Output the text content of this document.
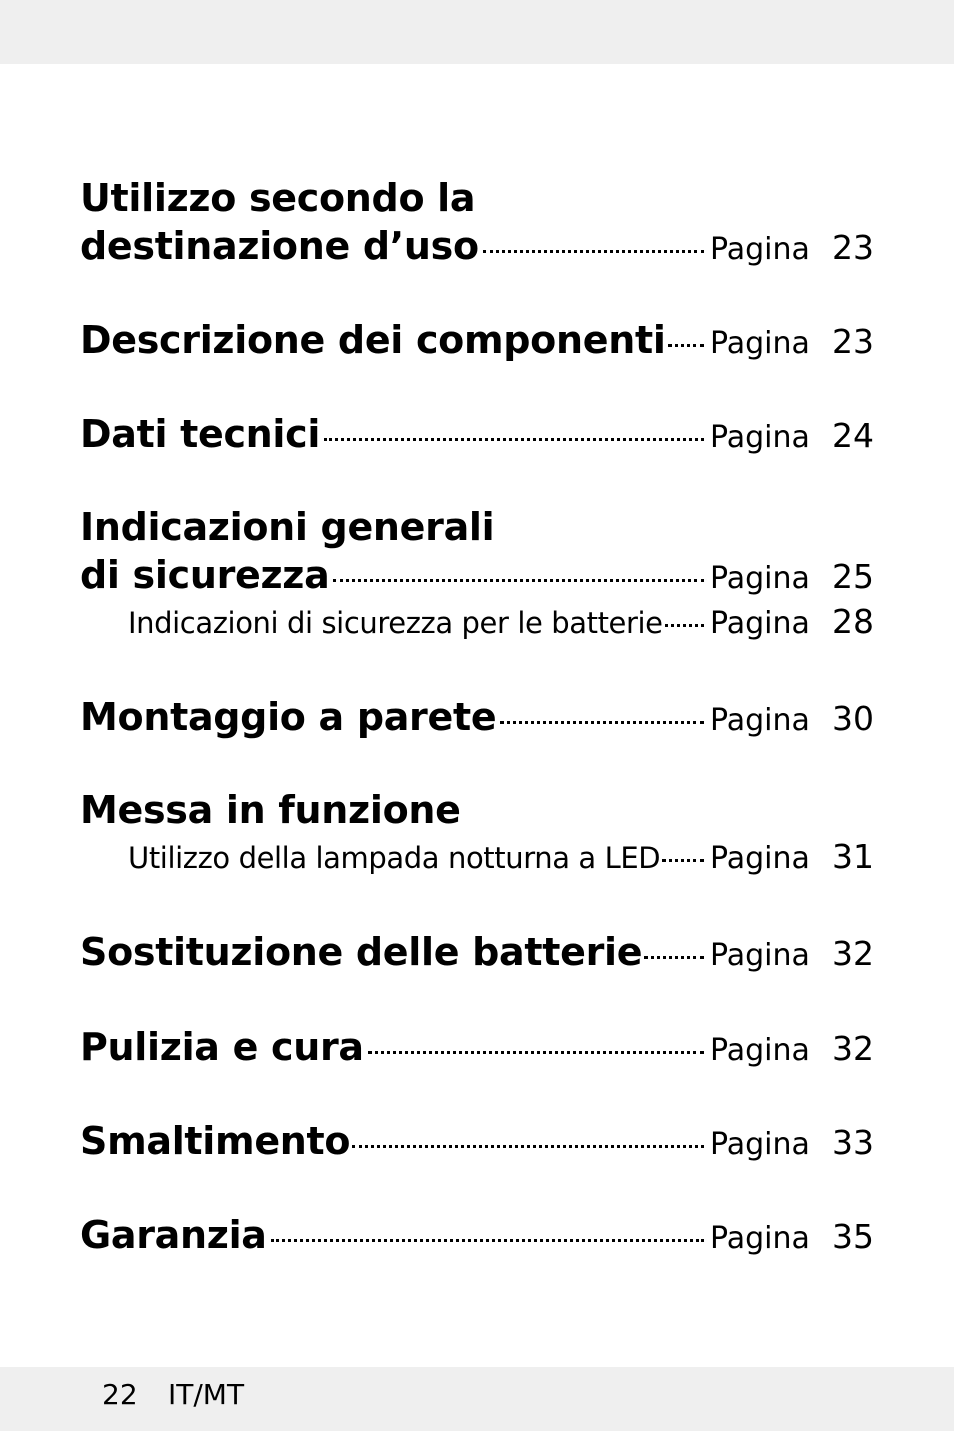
Utilizzo secondo la
destinazione d’uso	Pagina 23
Descrizione dei componenti Pagina 23
Dati tecnici	Pagina 24
Indicazioni generali
di sicurezza	Pagina 25
Indicazioni di sicurezza per le batterie Pagina 28
Montaggio a parete	Pagina 30
Messa in funzione
Utilizzo della lampada notturna a LED Pagina 31
Sostituzione delle batterie Pagina 32
Pulizia e cura	Pagina 32
Smaltimento	Pagina 33
Garanzia	Pagina 35
22 IT/MT
